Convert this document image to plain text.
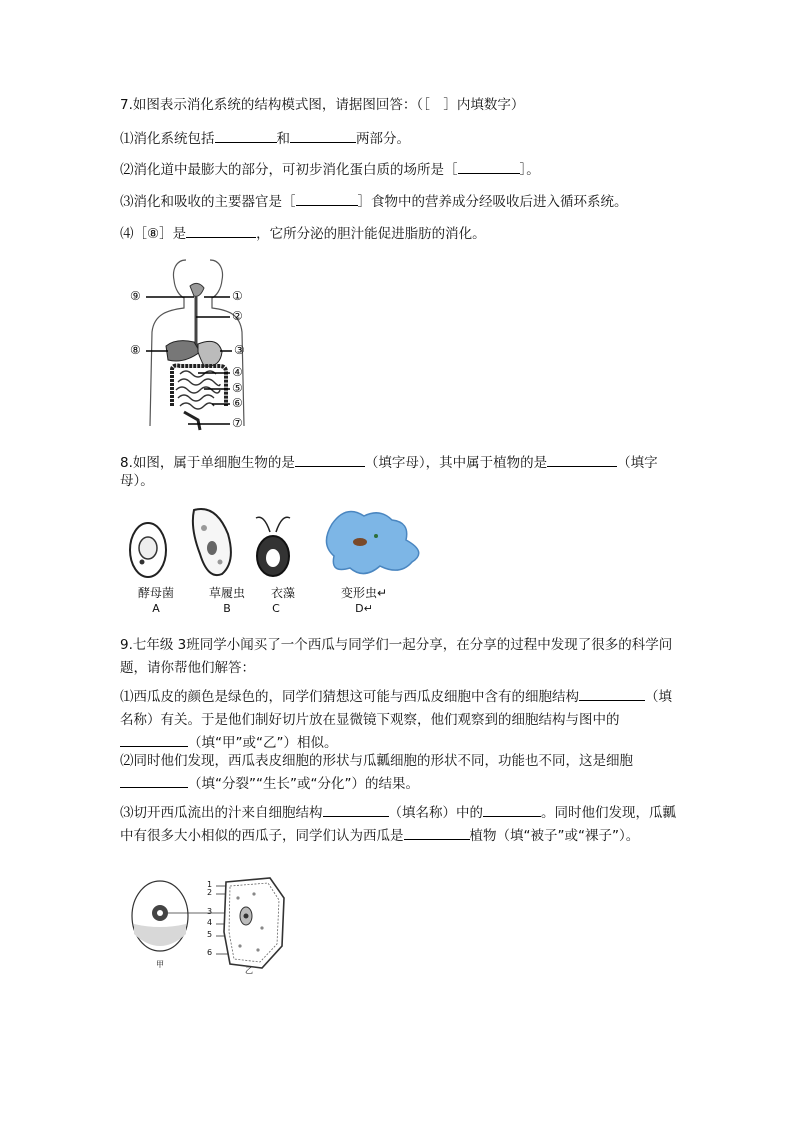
7.如图表示消化系统的结构模式图，请据图回答：（［　］内填数字）
⑴消化系统包括	和	两部分。
⑵消化道中最膨大的部分，可初步消化蛋白质的场所是［	］。
⑶消化和吸收的主要器官是［	］食物中的营养成分经吸收后进入循环系统。
⑷［⑧］是	，它所分泌的胆汁能促进脂肪的消化。
⑨	①
②
⑧	③
④
⑤
⑥
⑦
8.如图，属于单细胞生物的是	（填字母），其中属于植物的是	（填字
母）。
酵母菌
A
草履虫
B
衣藻
C
变形虫↵
D↵
9.七年级 3班同学小闻买了一个西瓜与同学们一起分享，在分享的过程中发现了很多的科学问题，请你帮他们解答：
⑴西瓜皮的颜色是绿色的，同学们猜想这可能与西瓜皮细胞中含有的细胞结构	（填名称）有关。于是他们制好切片放在显微镜下观察，他们观察到的细胞结构与图中的（填“甲”或“乙”）相似。
⑵同时他们发现，西瓜表皮细胞的形状与瓜瓤细胞的形状不同，功能也不同，这是细胞（填“分裂”“生长”或“分化”）的结果。
⑶切开西瓜流出的汁来自细胞结构	（填名称）中的	。同时他们发现，瓜瓤中有很多大小相似的西瓜子，同学们认为西瓜是	植物（填“被子”或“裸子”）。
1
2
3
4
5
6
甲
乙
